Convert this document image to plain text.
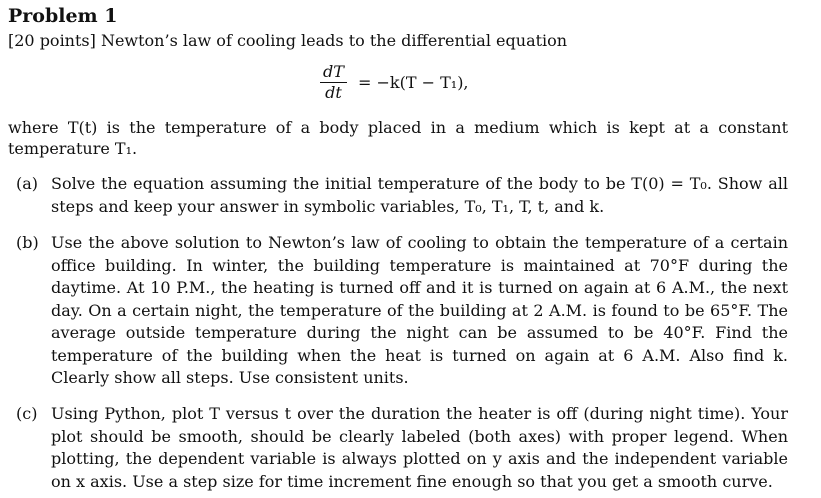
Problem 1
[20 points] Newton’s law of cooling leads to the differential equation
$\frac{dT}{dt} = -k(T - T_1)$,
where T(t) is the temperature of a body placed in a medium which is kept at a constant temperature T₁.
(a) Solve the equation assuming the initial temperature of the body to be T(0) = T₀. Show all steps and keep your answer in symbolic variables, T₀, T₁, T, t, and k.
(b) Use the above solution to Newton’s law of cooling to obtain the temperature of a certain office building. In winter, the building temperature is maintained at 70°F during the daytime. At 10 P.M., the heating is turned off and it is turned on again at 6 A.M., the next day. On a certain night, the temperature of the building at 2 A.M. is found to be 65°F. The average outside temperature during the night can be assumed to be 40°F. Find the temperature of the building when the heat is turned on again at 6 A.M. Also find k. Clearly show all steps. Use consistent units.
(c) Using Python, plot T versus t over the duration the heater is off (during night time). Your plot should be smooth, should be clearly labeled (both axes) with proper legend. When plotting, the dependent variable is always plotted on y axis and the independent variable on x axis. Use a step size for time increment fine enough so that you get a smooth curve.
